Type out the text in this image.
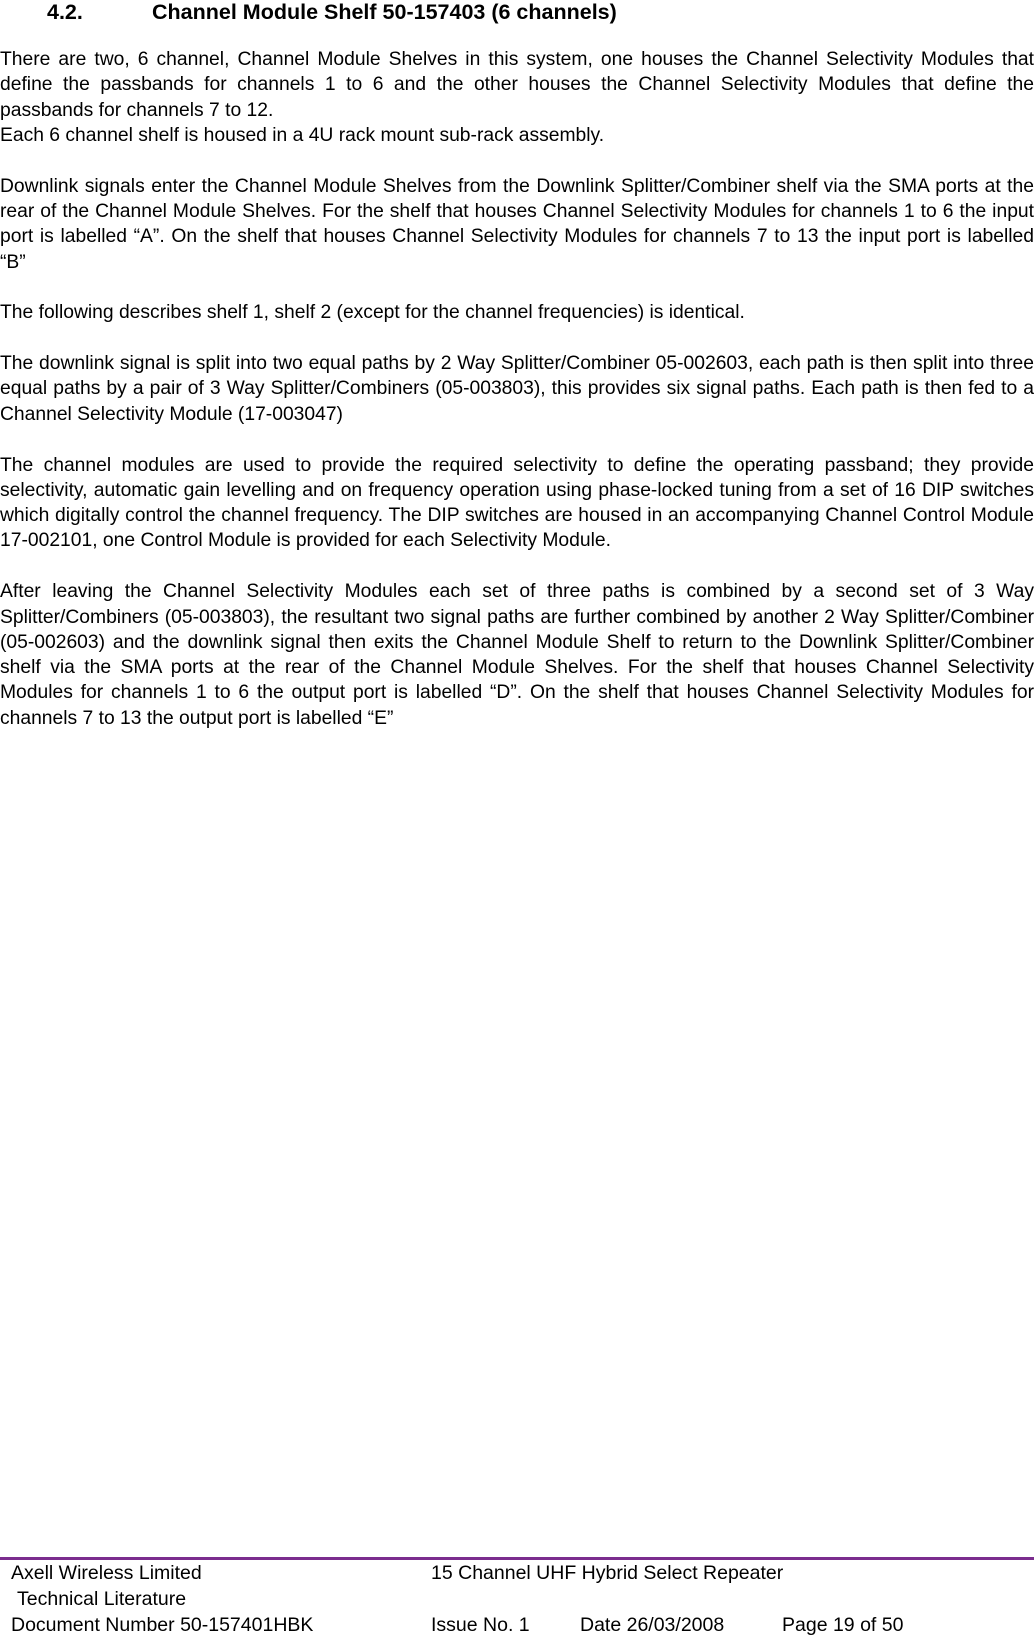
4.2.	Channel Module Shelf 50-157403 (6 channels)

There are two, 6 channel, Channel Module Shelves in this system, one houses the Channel Selectivity Modules that define the passbands for channels 1 to 6 and the other houses the Channel Selectivity Modules that define the passbands for channels 7 to 12.

Each 6 channel shelf is housed in a 4U rack mount sub-rack assembly.

Downlink signals enter the Channel Module Shelves from the Downlink Splitter/Combiner shelf via the SMA ports at the rear of the Channel Module Shelves. For the shelf that houses Channel Selectivity Modules for channels 1 to 6 the input port is labelled “A”. On the shelf that houses Channel Selectivity Modules for channels 7 to 13 the input port is labelled “B”

The following describes shelf 1, shelf 2 (except for the channel frequencies) is identical.

The downlink signal is split into two equal paths by 2 Way Splitter/Combiner 05-002603, each path is then split into three equal paths by a pair of 3 Way Splitter/Combiners (05-003803), this provides six signal paths. Each path is then fed to a Channel Selectivity Module (17-003047)

The channel modules are used to provide the required selectivity to define the operating passband; they provide selectivity, automatic gain levelling and on frequency operation using phase-locked tuning from a set of 16 DIP switches which digitally control the channel frequency. The DIP switches are housed in an accompanying Channel Control Module 17-002101, one Control Module is provided for each Selectivity Module.

After leaving the Channel Selectivity Modules each set of three paths is combined by a second set of 3 Way Splitter/Combiners (05-003803), the resultant two signal paths are further combined by another 2 Way Splitter/Combiner (05-002603) and the downlink signal then exits the Channel Module Shelf to return to the Downlink Splitter/Combiner shelf via the SMA ports at the rear of the Channel Module Shelves. For the shelf that houses Channel Selectivity Modules for channels 1 to 6 the output port is labelled “D”. On the shelf that houses Channel Selectivity Modules for channels 7 to 13 the output port is labelled “E”

Axell Wireless Limited	15 Channel UHF Hybrid Select Repeater
Technical Literature
Document Number 50-157401HBK	Issue No. 1	Date 26/03/2008	Page 19 of 50
